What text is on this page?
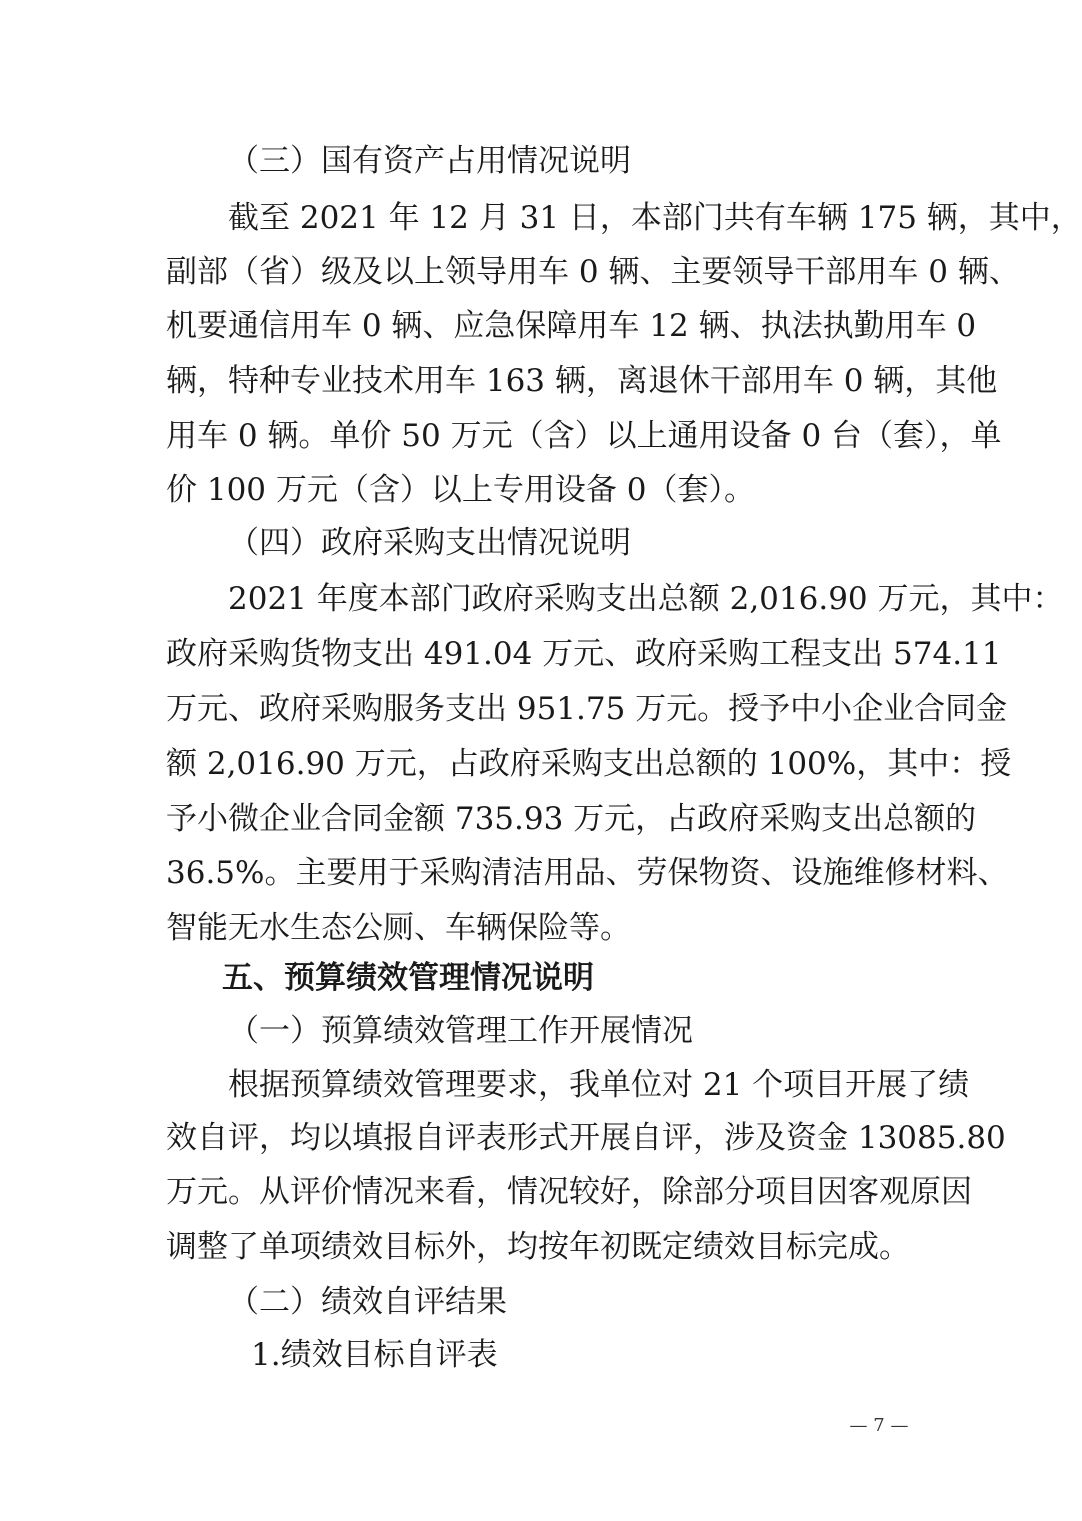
（三）国有资产占用情况说明
截至 2021 年 12 月 31 日，本部门共有车辆 175 辆，其中，
副部（省）级及以上领导用车 0 辆、主要领导干部用车 0 辆、
机要通信用车 0 辆、应急保障用车 12 辆、执法执勤用车 0
辆，特种专业技术用车 163 辆，离退休干部用车 0 辆，其他
用车 0 辆。单价 50 万元（含）以上通用设备 0 台（套），单
价 100 万元（含）以上专用设备 0（套）。
（四）政府采购支出情况说明
2021 年度本部门政府采购支出总额 2,016.90 万元，其中：
政府采购货物支出 491.04 万元、政府采购工程支出 574.11
万元、政府采购服务支出 951.75 万元。授予中小企业合同金
额 2,016.90 万元，占政府采购支出总额的 100%，其中：授
予小微企业合同金额 735.93 万元，占政府采购支出总额的
36.5%。主要用于采购清洁用品、劳保物资、设施维修材料、
智能无水生态公厕、车辆保险等。
五、预算绩效管理情况说明
（一）预算绩效管理工作开展情况
根据预算绩效管理要求，我单位对 21 个项目开展了绩
效自评，均以填报自评表形式开展自评，涉及资金 13085.80
万元。从评价情况来看，情况较好，除部分项目因客观原因
调整了单项绩效目标外，均按年初既定绩效目标完成。
（二）绩效自评结果
1.绩效目标自评表
— 7 —
